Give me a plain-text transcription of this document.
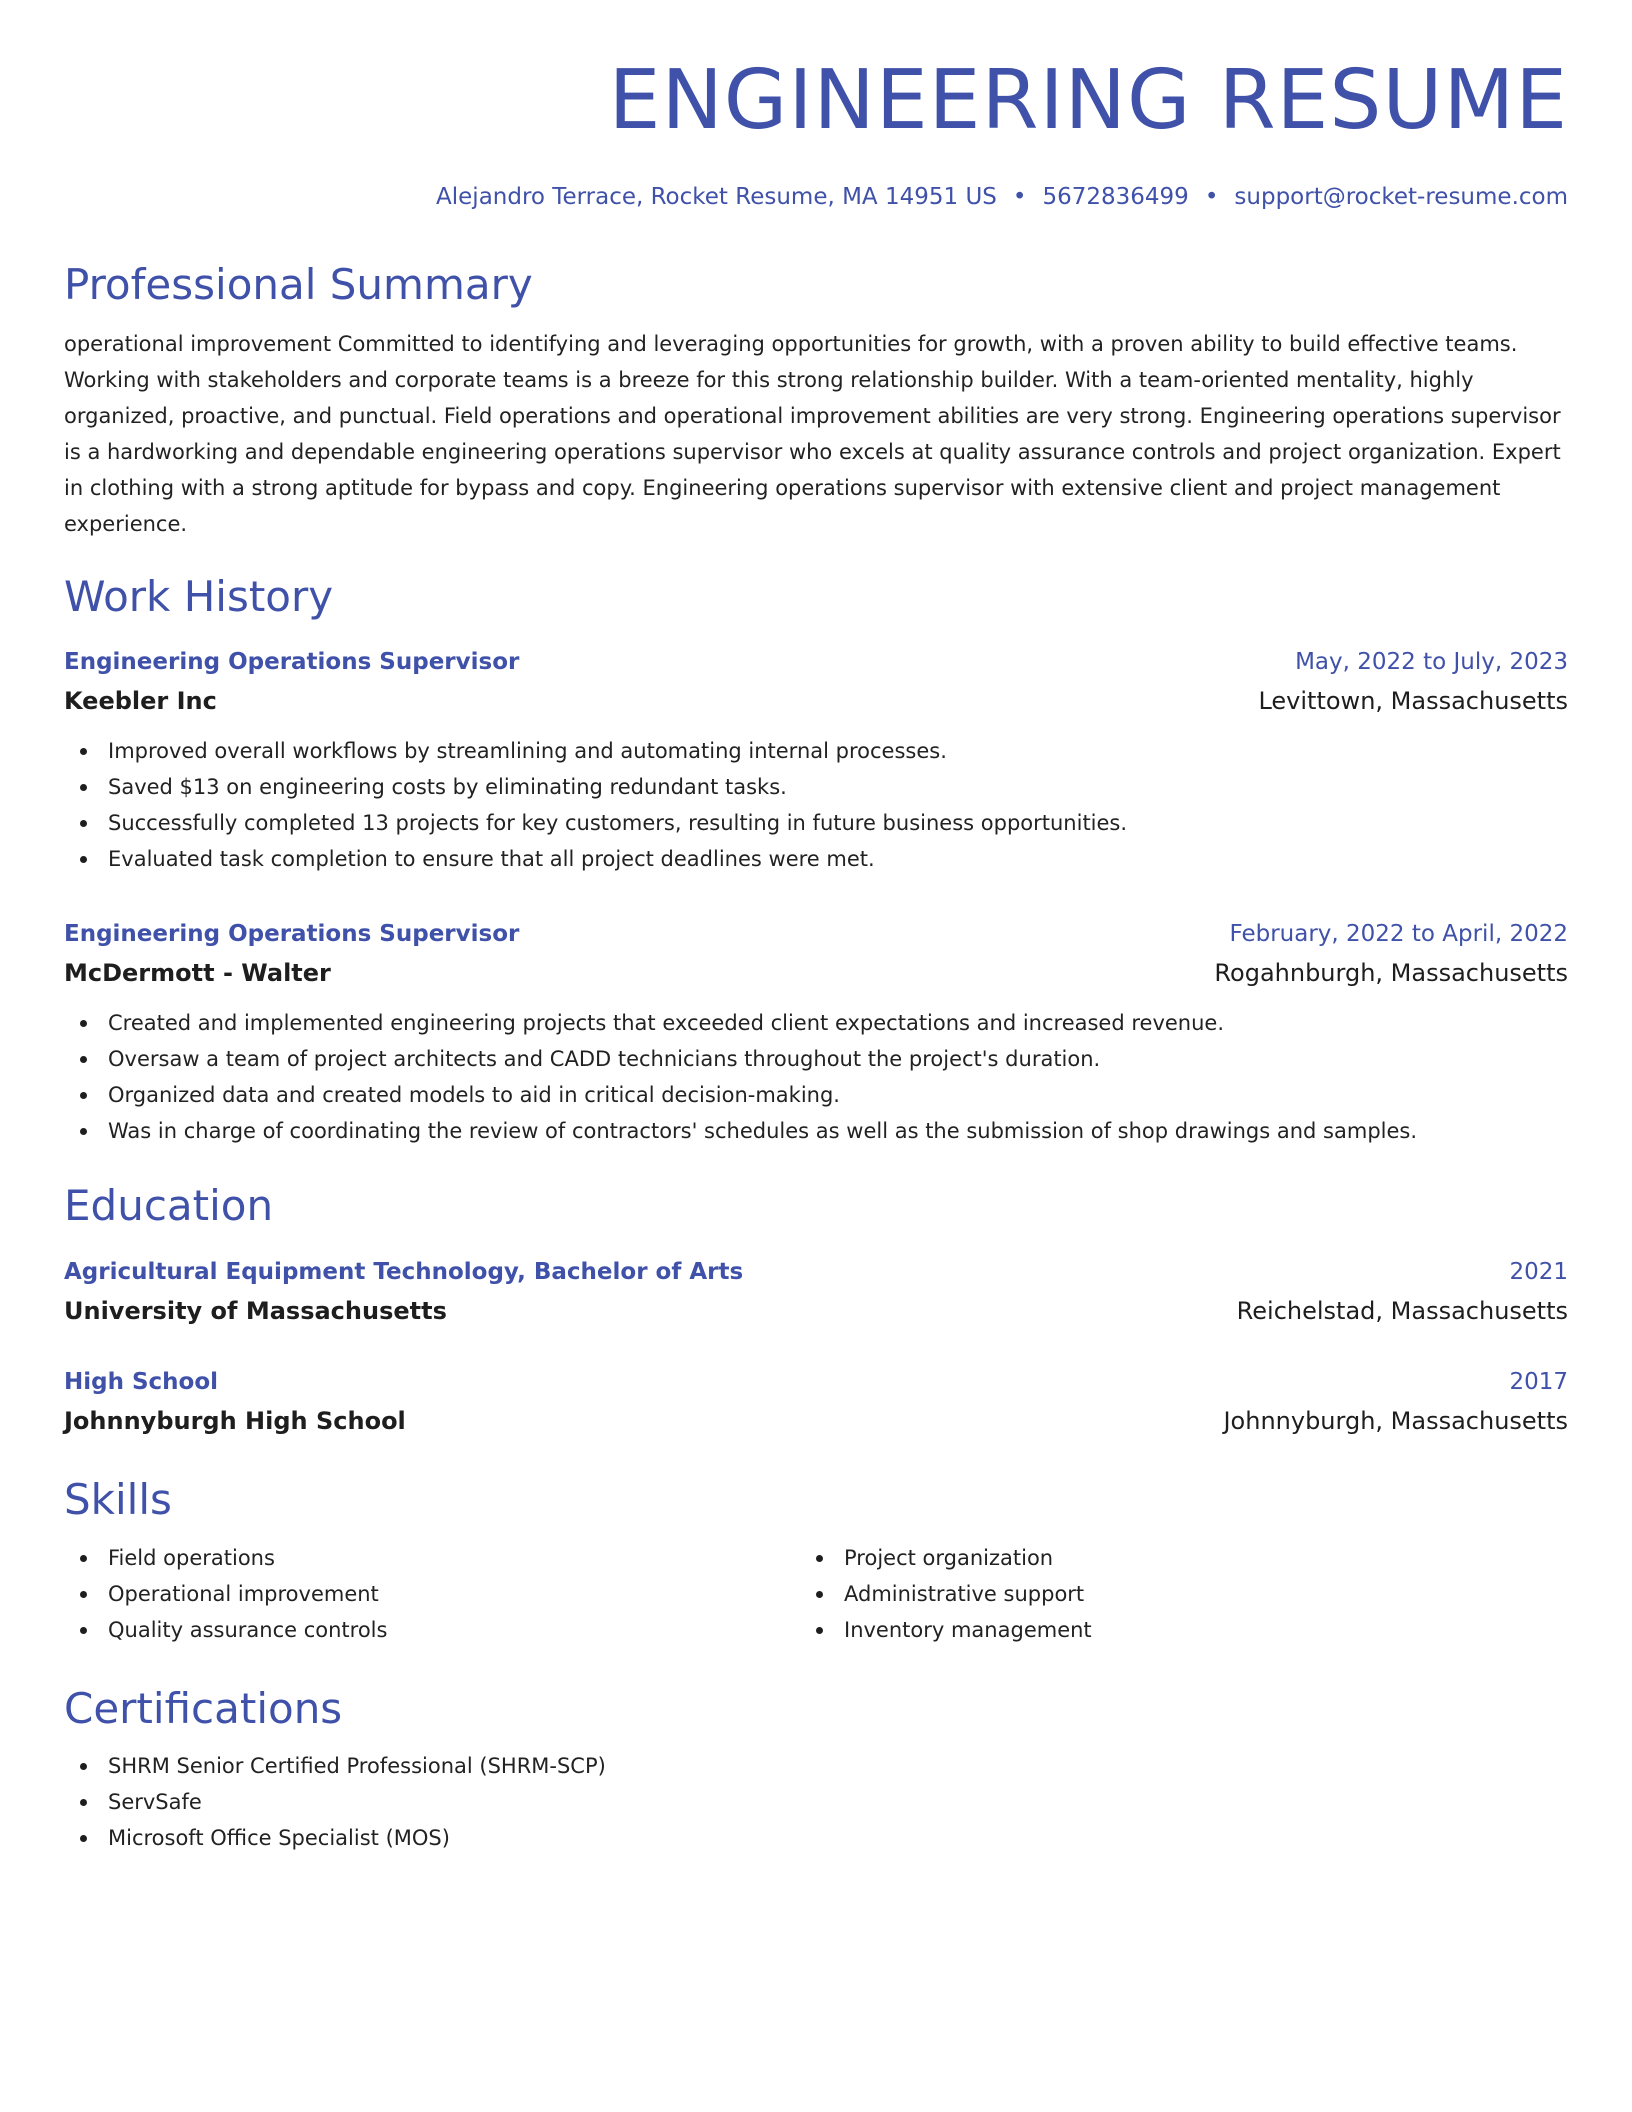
ENGINEERING RESUME
Alejandro Terrace, Rocket Resume, MA 14951 US • 5672836499 • support@rocket-resume.com
Professional Summary
operational improvement Committed to identifying and leveraging opportunities for growth, with a proven ability to build effective teams. Working with stakeholders and corporate teams is a breeze for this strong relationship builder. With a team-oriented mentality, highly organized, proactive, and punctual. Field operations and operational improvement abilities are very strong. Engineering operations supervisor is a hardworking and dependable engineering operations supervisor who excels at quality assurance controls and project organization. Expert in clothing with a strong aptitude for bypass and copy. Engineering operations supervisor with extensive client and project management experience.
Work History
Engineering Operations Supervisor	May, 2022 to July, 2023
Keebler Inc	Levittown, Massachusetts
Improved overall workflows by streamlining and automating internal processes.
Saved $13 on engineering costs by eliminating redundant tasks.
Successfully completed 13 projects for key customers, resulting in future business opportunities.
Evaluated task completion to ensure that all project deadlines were met.
Engineering Operations Supervisor	February, 2022 to April, 2022
McDermott - Walter	Rogahnburgh, Massachusetts
Created and implemented engineering projects that exceeded client expectations and increased revenue.
Oversaw a team of project architects and CADD technicians throughout the project's duration.
Organized data and created models to aid in critical decision-making.
Was in charge of coordinating the review of contractors' schedules as well as the submission of shop drawings and samples.
Education
Agricultural Equipment Technology, Bachelor of Arts	2021
University of Massachusetts	Reichelstad, Massachusetts
High School	2017
Johnnyburgh High School	Johnnyburgh, Massachusetts
Skills
Field operations
Operational improvement
Quality assurance controls
Project organization
Administrative support
Inventory management
Certifications
SHRM Senior Certified Professional (SHRM-SCP)
ServSafe
Microsoft Office Specialist (MOS)
